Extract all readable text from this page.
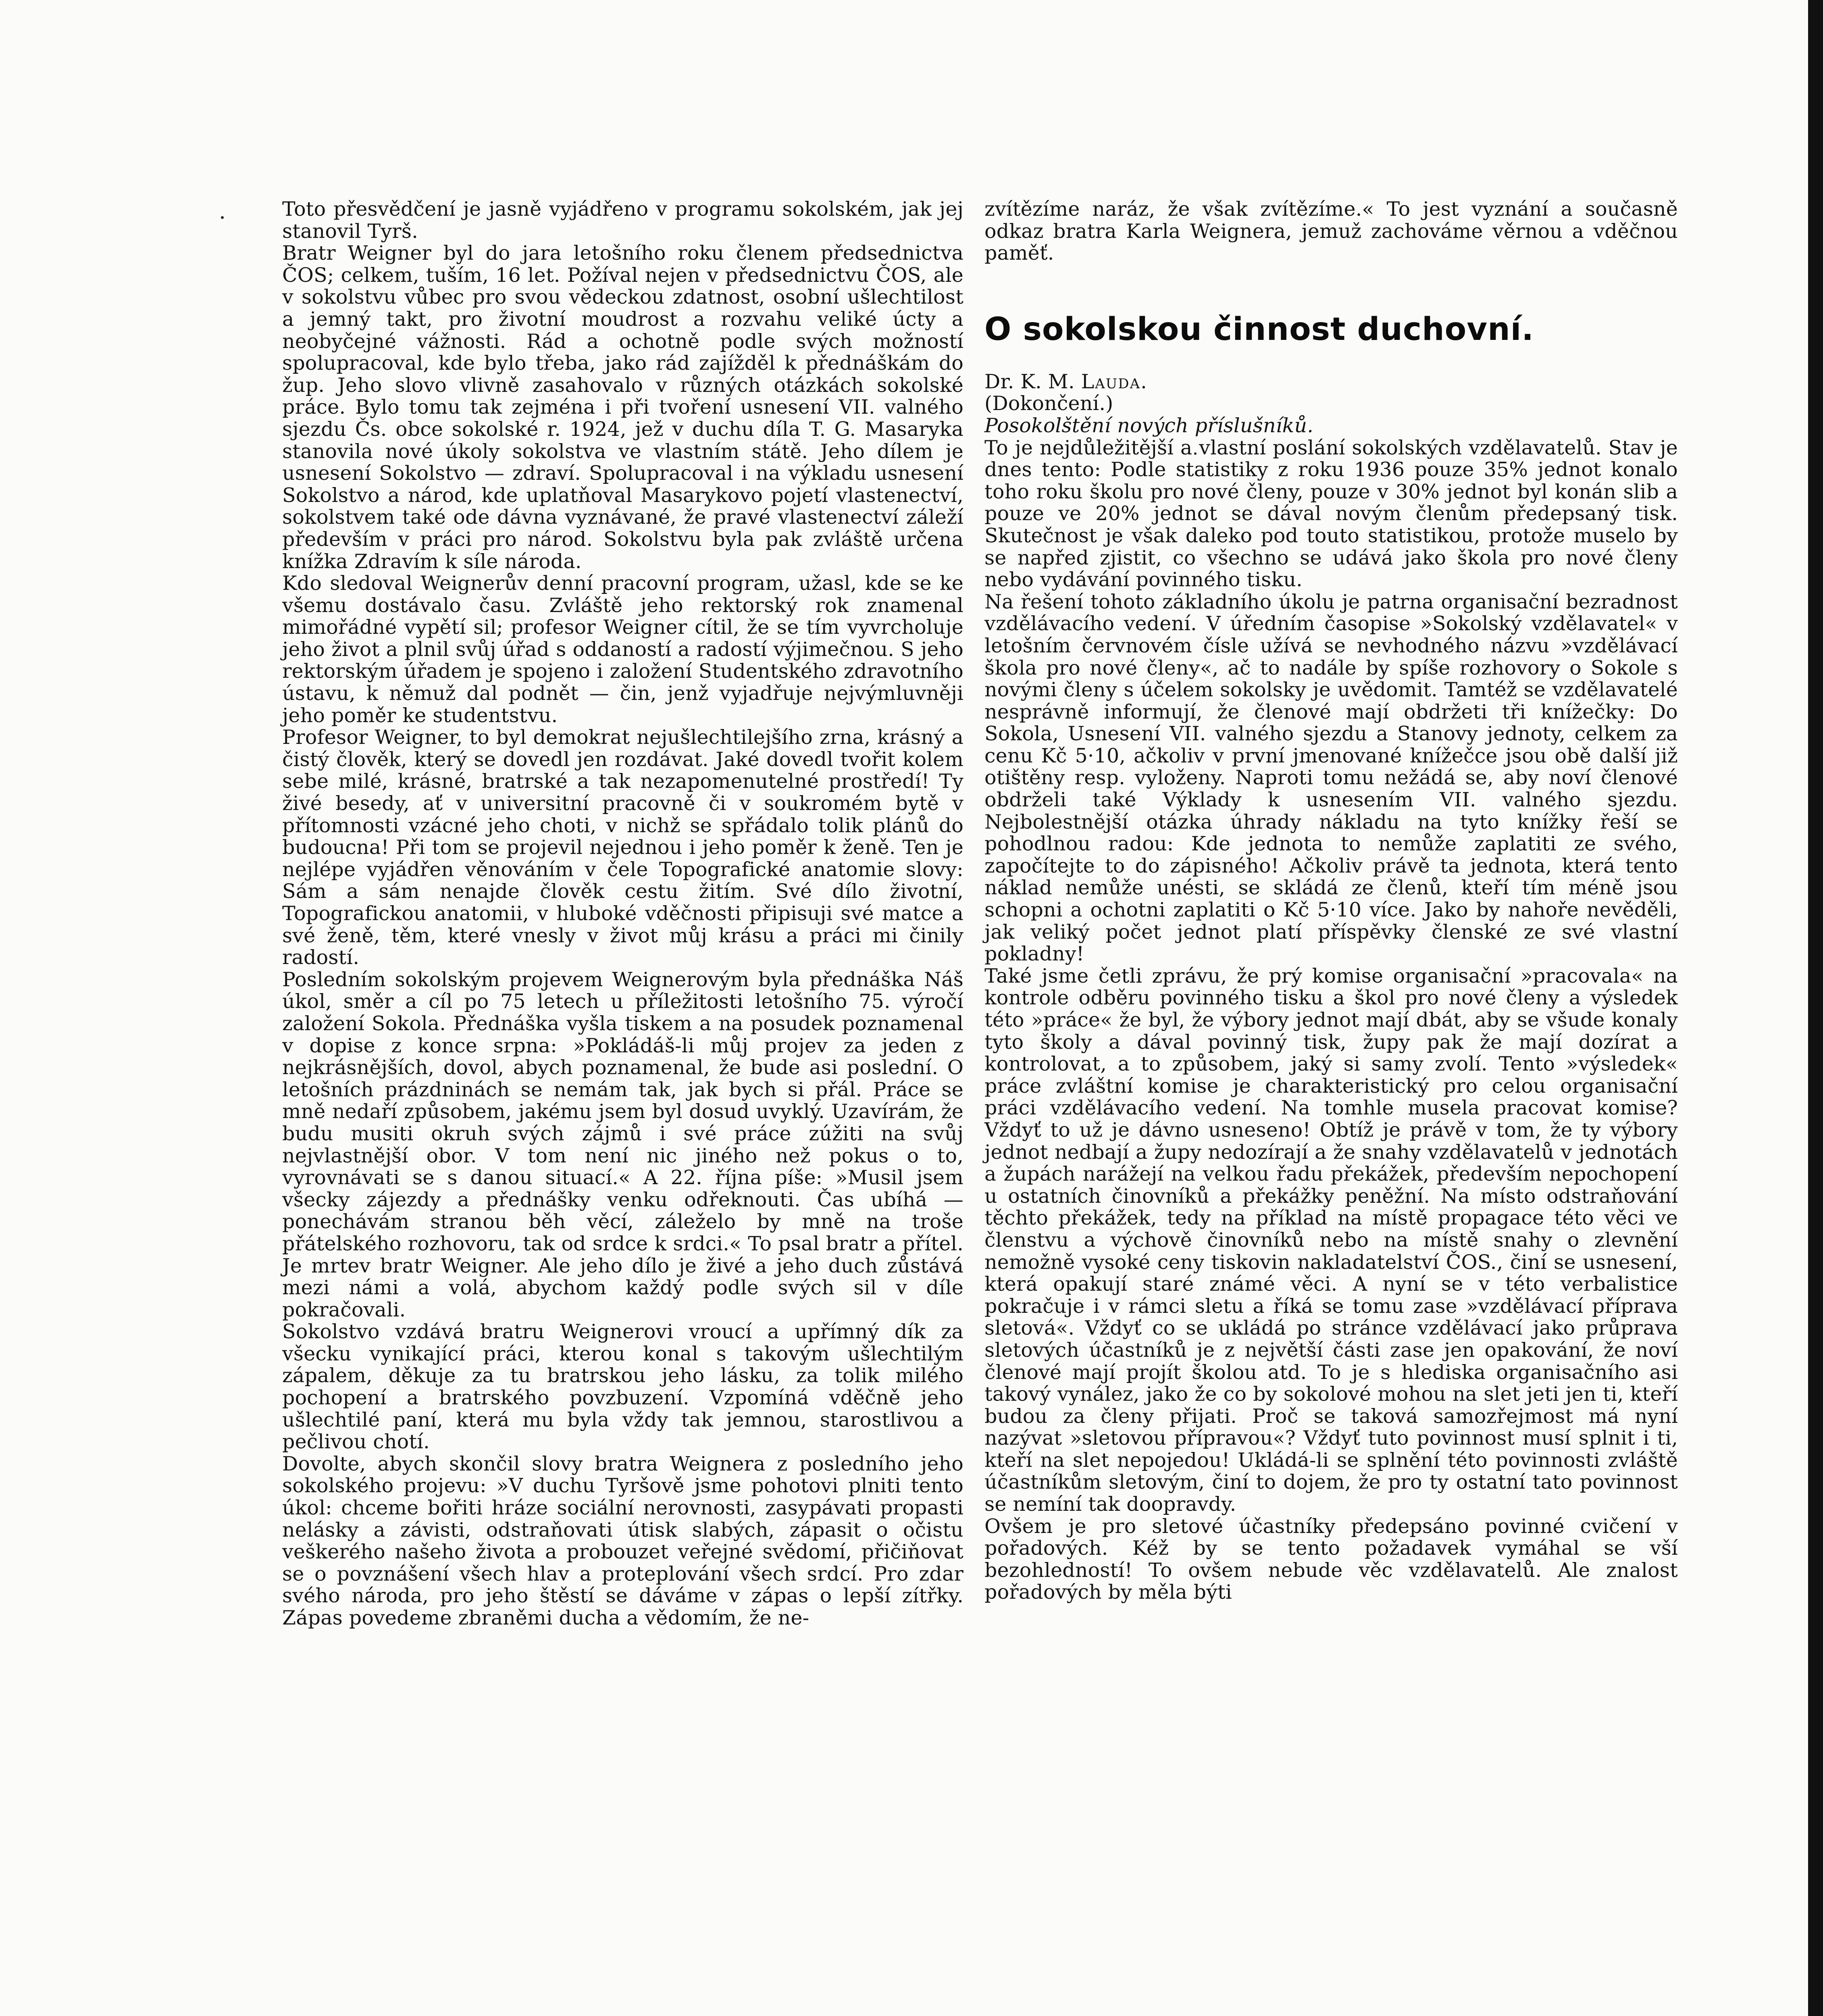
Toto přesvědčení je jasně vyjádřeno v programu sokolském, jak jej stanovil Tyrš.

Bratr Weigner byl do jara letošního roku členem předsednictva ČOS; celkem, tuším, 16 let. Požíval nejen v předsednictvu ČOS, ale v sokolstvu vůbec pro svou vědeckou zdatnost, osobní ušlechtilost a jemný takt, pro životní moudrost a rozvahu veliké úcty a neobyčejné vážnosti. Rád a ochotně podle svých možností spolupracoval, kde bylo třeba, jako rád zajížděl k přednáškám do žup. Jeho slovo vlivně zasahovalo v různých otázkách sokolské práce. Bylo tomu tak zejména i při tvoření usnesení VII. valného sjezdu Čs. obce sokolské r. 1924, jež v duchu díla T. G. Masaryka stanovila nové úkoly sokolstva ve vlastním státě. Jeho dílem je usnesení Sokolstvo — zdraví. Spolupracoval i na výkladu usnesení Sokolstvo a národ, kde uplatňoval Masarykovo pojetí vlastenectví, sokolstvem také ode dávna vyznávané, že pravé vlastenectví záleží především v práci pro národ. Sokolstvu byla pak zvláště určena knížka Zdravím k síle národa.

Kdo sledoval Weignerův denní pracovní program, užasl, kde se ke všemu dostávalo času. Zvláště jeho rektorský rok znamenal mimořádné vypětí sil; profesor Weigner cítil, že se tím vyvrcholuje jeho život a plnil svůj úřad s oddaností a radostí výjimečnou. S jeho rektorským úřadem je spojeno i založení Studentského zdravotního ústavu, k němuž dal podnět — čin, jenž vyjadřuje nejvýmluvněji jeho poměr ke studentstvu.

Profesor Weigner, to byl demokrat nejušlechtilejšího zrna, krásný a čistý člověk, který se dovedl jen rozdávat. Jaké dovedl tvořit kolem sebe milé, krásné, bratrské a tak nezapomenutelné prostředí! Ty živé besedy, ať v universitní pracovně či v soukromém bytě v přítomnosti vzácné jeho choti, v nichž se spřádalo tolik plánů do budoucna! Při tom se projevil nejednou i jeho poměr k ženě. Ten je nejlépe vyjádřen věnováním v čele Topografické anatomie slovy: Sám a sám nenajde člověk cestu žitím. Své dílo životní, Topografickou anatomii, v hluboké vděčnosti připisuji své matce a své ženě, těm, které vnesly v život můj krásu a práci mi činily radostí.

Posledním sokolským projevem Weignerovým byla přednáška Náš úkol, směr a cíl po 75 letech u příležitosti letošního 75. výročí založení Sokola. Přednáška vyšla tiskem a na posudek poznamenal v dopise z konce srpna: »Pokládáš-li můj projev za jeden z nejkrásnějších, dovol, abych poznamenal, že bude asi poslední. O letošních prázdninách se nemám tak, jak bych si přál. Práce se mně nedaří způsobem, jakému jsem byl dosud uvyklý. Uzavírám, že budu musiti okruh svých zájmů i své práce zúžiti na svůj nejvlastnější obor. V tom není nic jiného než pokus o to, vyrovnávati se s danou situací.« A 22. října píše: »Musil jsem všecky zájezdy a přednášky venku odřeknouti. Čas ubíhá — ponechávám stranou běh věcí, záleželo by mně na troše přátelského rozhovoru, tak od srdce k srdci.« To psal bratr a přítel. Je mrtev bratr Weigner. Ale jeho dílo je živé a jeho duch zůstává mezi námi a volá, abychom každý podle svých sil v díle pokračovali.

Sokolstvo vzdává bratru Weignerovi vroucí a upřímný dík za všecku vynikající práci, kterou konal s takovým ušlechtilým zápalem, děkuje za tu bratrskou jeho lásku, za tolik milého pochopení a bratrského povzbuzení. Vzpomíná vděčně jeho ušlechtilé paní, která mu byla vždy tak jemnou, starostlivou a pečlivou chotí.

Dovolte, abych skončil slovy bratra Weignera z posledního jeho sokolského projevu: »V duchu Tyršově jsme pohotovi plniti tento úkol: chceme bořiti hráze sociální nerovnosti, zasypávati propasti nelásky a závisti, odstraňovati útisk slabých, zápasit o očistu veškerého našeho života a probouzet veřejné svědomí, přičiňovat se o povznášení všech hlav a proteplování všech srdcí. Pro zdar svého národa, pro jeho štěstí se dáváme v zápas o lepší zítřky. Zápas povedeme zbraněmi ducha a vědomím, že ne-

zvítězíme naráz, že však zvítězíme.« To jest vyznání a současně odkaz bratra Karla Weignera, jemuž zachováme věrnou a vděčnou paměť.

O sokolskou činnost duchovní.

Dr. K. M. Lauda.

(Dokončení.)

Posokolštění nových příslušníků.

To je nejdůležitější a vlastní poslání sokolských vzdělavatelů. Stav je dnes tento: Podle statistiky z roku 1936 pouze 35% jednot konalo toho roku školu pro nové členy, pouze v 30% jednot byl konán slib a pouze ve 20% jednot se dával novým členům předepsaný tisk. Skutečnost je však daleko pod touto statistikou, protože muselo by se napřed zjistit, co všechno se udává jako škola pro nové členy nebo vydávání povinného tisku.

Na řešení tohoto základního úkolu je patrna organisační bezradnost vzdělávacího vedení. V úředním časopise »Sokolský vzdělavatel« v letošním červnovém čísle užívá se nevhodného názvu »vzdělávací škola pro nové členy«, ač to nadále by spíše rozhovory o Sokole s novými členy s účelem sokolsky je uvědomit. Tamtéž se vzdělavatelé nesprávně informují, že členové mají obdržeti tři knížečky: Do Sokola, Usnesení VII. valného sjezdu a Stanovy jednoty, celkem za cenu Kč 5·10, ačkoliv v první jmenované knížečce jsou obě další již otištěny resp. vyloženy. Naproti tomu nežádá se, aby noví členové obdrželi také Výklady k usnesením VII. valného sjezdu. Nejbolestnější otázka úhrady nákladu na tyto knížky řeší se pohodlnou radou: Kde jednota to nemůže zaplatiti ze svého, započítejte to do zápisného! Ačkoliv právě ta jednota, která tento náklad nemůže unésti, se skládá ze členů, kteří tím méně jsou schopni a ochotni zaplatiti o Kč 5·10 více. Jako by nahoře nevěděli, jak veliký počet jednot platí příspěvky členské ze své vlastní pokladny!

Také jsme četli zprávu, že prý komise organisační »pracovala« na kontrole odběru povinného tisku a škol pro nové členy a výsledek této »práce« že byl, že výbory jednot mají dbát, aby se všude konaly tyto školy a dával povinný tisk, župy pak že mají dozírat a kontrolovat, a to způsobem, jaký si samy zvolí. Tento »výsledek« práce zvláštní komise je charakteristický pro celou organisační práci vzdělávacího vedení. Na tomhle musela pracovat komise? Vždyť to už je dávno usneseno! Obtíž je právě v tom, že ty výbory jednot nedbají a župy nedozírají a že snahy vzdělavatelů v jednotách a župách narážejí na velkou řadu překážek, především nepochopení u ostatních činovníků a překážky peněžní. Na místo odstraňování těchto překážek, tedy na příklad na místě propagace této věci ve členstvu a výchově činovníků nebo na místě snahy o zlevnění nemožně vysoké ceny tiskovin nakladatelství ČOS., činí se usnesení, která opakují staré známé věci. A nyní se v této verbalistice pokračuje i v rámci sletu a říká se tomu zase »vzdělávací příprava sletová«. Vždyť co se ukládá po stránce vzdělávací jako průprava sletových účastníků je z největší části zase jen opakování, že noví členové mají projít školou atd. To je s hlediska organisačního asi takový vynález, jako že co by sokolové mohou na slet jeti jen ti, kteří budou za členy přijati. Proč se taková samozřejmost má nyní nazývat »sletovou přípravou«? Vždyť tuto povinnost musí splnit i ti, kteří na slet nepojedou! Ukládá-li se splnění této povinnosti zvláště účastníkům sletovým, činí to dojem, že pro ty ostatní tato povinnost se nemíní tak doopravdy.

Ovšem je pro sletové účastníky předepsáno povinné cvičení v pořadových. Kéž by se tento požadavek vymáhal se vší bezohledností! To ovšem nebude věc vzdělavatelů. Ale znalost pořadových by měla býti
